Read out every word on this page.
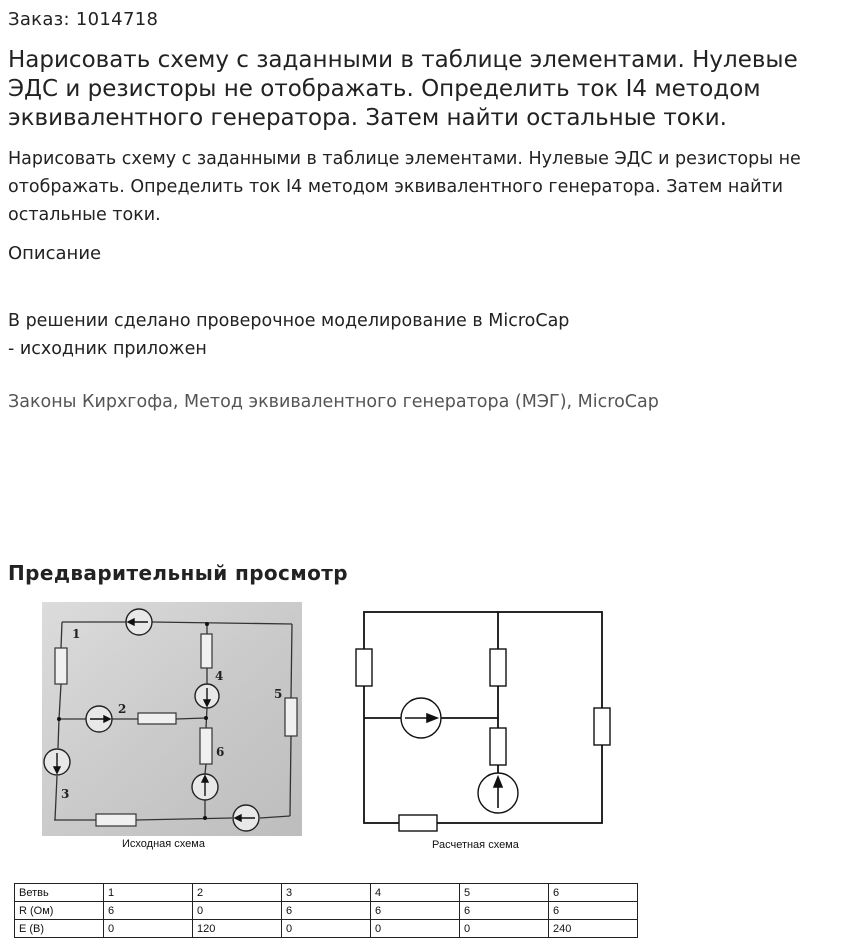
Заказ: 1014718
Нарисовать схему с заданными в таблице элементами. Нулевые ЭДС и резисторы не отображать. Определить ток I4 методом эквивалентного генератора. Затем найти остальные токи.
Нарисовать схему с заданными в таблице элементами. Нулевые ЭДС и резисторы не отображать. Определить ток I4 методом эквивалентного генератора. Затем найти остальные токи.
Описание
В решении сделано проверочное моделирование в MicroCap
- исходник приложен
Законы Кирхгофа, Метод эквивалентного генератора (МЭГ), MicroCap
Предварительный просмотр
1
2
3
4
5
6
Исходная схема	Расчетная схема
Ветвь	1	2	3	4	5	6
R (Ом)	6	0	6	6	6	6
E (B)	0	120	0	0	0	240
